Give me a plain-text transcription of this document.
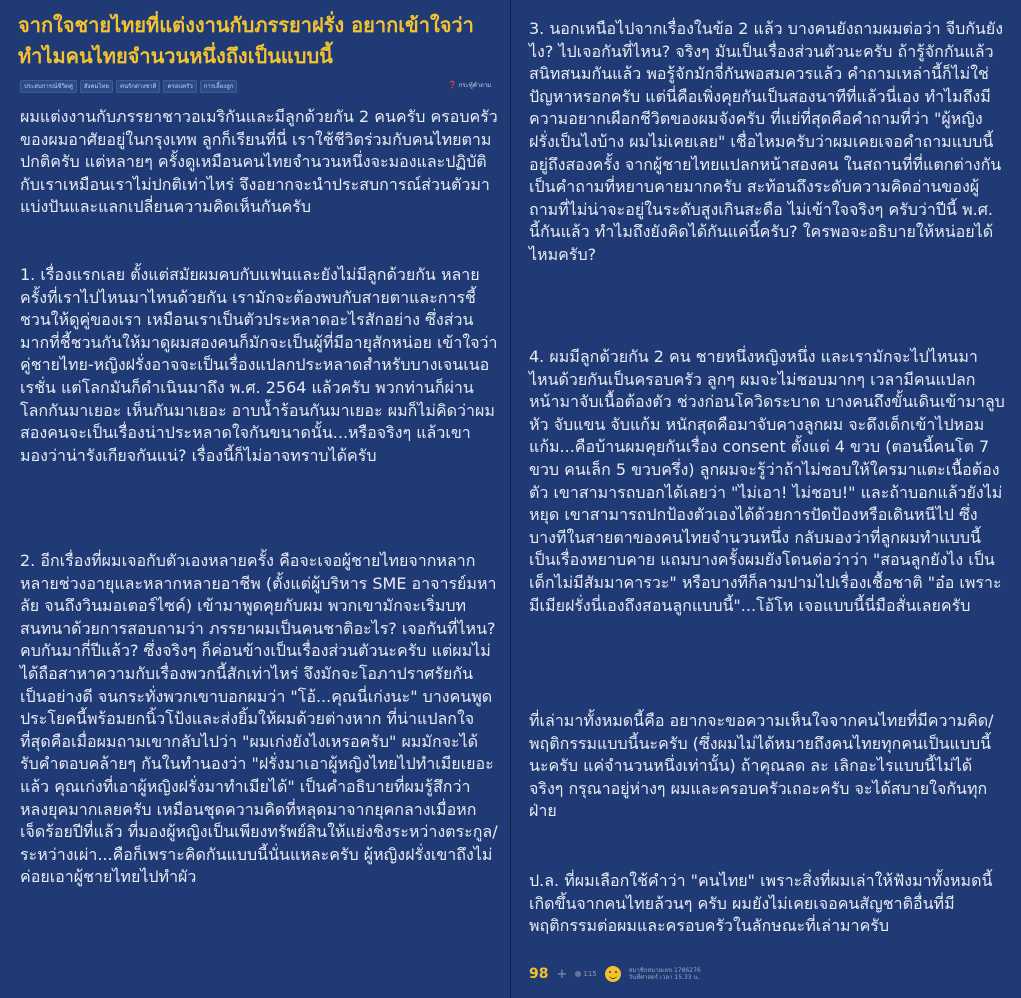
จากใจชายไทยที่แต่งงานกับภรรยาฝรั่ง อยากเข้าใจว่าทำไมคนไทยจำนวนหนึ่งถึงเป็นแบบนี้
ประสบการณ์ชีวิตคู่	สังคมไทย	คนรักต่างชาติ	ครอบครัว	การเลี้ยงลูก	❓ กระทู้คำถาม

ผมแต่งงานกับภรรยาชาวอเมริกันและมีลูกด้วยกัน 2 คนครับ ครอบครัวของผมอาศัยอยู่ในกรุงเทพ ลูกก็เรียนที่นี่ เราใช้ชีวิตร่วมกับคนไทยตามปกติครับ แต่หลายๆ ครั้งดูเหมือนคนไทยจำนวนหนึ่งจะมองและปฏิบัติกับเราเหมือนเราไม่ปกติเท่าไหร่ จึงอยากจะนำประสบการณ์ส่วนตัวมาแบ่งปันและแลกเปลี่ยนความคิดเห็นกันครับ

1. เรื่องแรกเลย ตั้งแต่สมัยผมคบกับแฟนและยังไม่มีลูกด้วยกัน หลายครั้งที่เราไปไหนมาไหนด้วยกัน เรามักจะต้องพบกับสายตาและการชี้ชวนให้ดูคู่ของเรา เหมือนเราเป็นตัวประหลาดอะไรสักอย่าง ซึ่งส่วนมากที่ชี้ชวนกันให้มาดูผมสองคนก็มักจะเป็นผู้ที่มีอายุสักหน่อย เข้าใจว่าคู่ชายไทย-หญิงฝรั่งอาจจะเป็นเรื่องแปลกประหลาดสำหรับบางเจนเนอเรชั่น แต่โลกมันก็ดำเนินมาถึง พ.ศ. 2564 แล้วครับ พวกท่านก็ผ่านโลกกันมาเยอะ เห็นกันมาเยอะ อาบน้ำร้อนกันมาเยอะ ผมก็ไม่คิดว่าผมสองคนจะเป็นเรื่องน่าประหลาดใจกันขนาดนั้น...หรือจริงๆ แล้วเขามองว่าน่ารังเกียจกันแน่? เรื่องนี้ก็ไม่อาจทราบได้ครับ

2. อีกเรื่องที่ผมเจอกับตัวเองหลายครั้ง คือจะเจอผู้ชายไทยจากหลากหลายช่วงอายุและหลากหลายอาชีพ (ตั้งแต่ผู้บริหาร SME อาจารย์มหาลัย จนถึงวินมอเตอร์ไซค์) เข้ามาพูดคุยกับผม พวกเขามักจะเริ่มบทสนทนาด้วยการสอบถามว่า ภรรยาผมเป็นคนชาติอะไร? เจอกันที่ไหน? คบกันมากี่ปีแล้ว? ซึ่งจริงๆ ก็ค่อนข้างเป็นเรื่องส่วนตัวนะครับ แต่ผมไม่ได้ถือสาหาความกับเรื่องพวกนี้สักเท่าไหร่ จึงมักจะโอภาปราศรัยกันเป็นอย่างดี จนกระทั่งพวกเขาบอกผมว่า "โอ้...คุณนี่เก่งนะ" บางคนพูดประโยคนี้พร้อมยกนิ้วโป้งและส่งยิ้มให้ผมด้วยต่างหาก ที่น่าแปลกใจที่สุดคือเมื่อผมถามเขากลับไปว่า "ผมเก่งยังไงเหรอครับ" ผมมักจะได้รับคำตอบคล้ายๆ กันในทำนองว่า "ฝรั่งมาเอาผู้หญิงไทยไปทำเมียเยอะแล้ว คุณเก่งที่เอาผู้หญิงฝรั่งมาทำเมียได้" เป็นคำอธิบายที่ผมรู้สึกว่าหลงยุคมากเลยครับ เหมือนชุดความคิดที่หลุดมาจากยุคกลางเมื่อหกเจ็ดร้อยปีที่แล้ว ที่มองผู้หญิงเป็นเพียงทรัพย์สินให้แย่งชิงระหว่างตระกูล/ระหว่างเผ่า...คือก็เพราะคิดกันแบบนี้นั่นแหละครับ ผู้หญิงฝรั่งเขาถึงไม่ค่อยเอาผู้ชายไทยไปทำผัว

3. นอกเหนือไปจากเรื่องในข้อ 2 แล้ว บางคนยังถามผมต่อว่า จีบกันยังไง? ไปเจอกันที่ไหน? จริงๆ มันเป็นเรื่องส่วนตัวนะครับ ถ้ารู้จักกันแล้ว สนิทสนมกันแล้ว พอรู้จักมักจี่กันพอสมควรแล้ว คำถามเหล่านี้ก็ไม่ใช่ปัญหาหรอกครับ แต่นี่คือเพิ่งคุยกันเป็นสองนาทีที่แล้วนี่เอง ทำไมถึงมีความอยากเผือกชีวิตของผมจังครับ ที่แย่ที่สุดคือคำถามที่ว่า "ผู้หญิงฝรั่งเป็นไงบ้าง ผมไม่เคยเลย" เชื่อไหมครับว่าผมเคยเจอคำถามแบบนี้อยู่ถึงสองครั้ง จากผู้ชายไทยแปลกหน้าสองคน ในสถานที่ที่แตกต่างกัน เป็นคำถามที่หยาบคายมากครับ สะท้อนถึงระดับความคิดอ่านของผู้ถามที่ไม่น่าจะอยู่ในระดับสูงเกินสะดือ ไม่เข้าใจจริงๆ ครับว่าปีนี้ พ.ศ. นี้กันแล้ว ทำไมถึงยังคิดได้กันแค่นี้ครับ? ใครพอจะอธิบายให้หน่อยได้ไหมครับ?

4. ผมมีลูกด้วยกัน 2 คน ชายหนึ่งหญิงหนึ่ง และเรามักจะไปไหนมาไหนด้วยกันเป็นครอบครัว ลูกๆ ผมจะไม่ชอบมากๆ เวลามีคนแปลกหน้ามาจับเนื้อต้องตัว ช่วงก่อนโควิดระบาด บางคนถึงขั้นเดินเข้ามาลูบหัว จับแขน จับแก้ม หนักสุดคือมาจับคางลูกผม จะดึงเด็กเข้าไปหอมแก้ม...คือบ้านผมคุยกันเรื่อง consent ตั้งแต่ 4 ขวบ (ตอนนี้คนโต 7 ขวบ คนเล็ก 5 ขวบครึ่ง) ลูกผมจะรู้ว่าถ้าไม่ชอบให้ใครมาแตะเนื้อต้องตัว เขาสามารถบอกได้เลยว่า "ไม่เอา! ไม่ชอบ!" และถ้าบอกแล้วยังไม่หยุด เขาสามารถปกป้องตัวเองได้ด้วยการปัดป้องหรือเดินหนีไป ซึ่งบางทีในสายตาของคนไทยจำนวนหนึ่ง กลับมองว่าที่ลูกผมทำแบบนี้เป็นเรื่องหยาบคาย แถมบางครั้งผมยังโดนต่อว่าว่า "สอนลูกยังไง เป็นเด็กไม่มีสัมมาคารวะ" หรือบางทีก็ลามปามไปเรื่องเชื้อชาติ "อ๋อ เพราะมีเมียฝรั่งนี่เองถึงสอนลูกแบบนี้"...โอ้โห เจอแบบนี้นี่มือสั่นเลยครับ

ที่เล่ามาทั้งหมดนี้คือ อยากจะขอความเห็นใจจากคนไทยที่มีความคิด/พฤติกรรมแบบนี้นะครับ (ซึ่งผมไม่ได้หมายถึงคนไทยทุกคนเป็นแบบนี้นะครับ แค่จำนวนหนึ่งเท่านั้น) ถ้าคุณลด ละ เลิกอะไรแบบนี้ไม่ได้จริงๆ กรุณาอยู่ห่างๆ ผมและครอบครัวเถอะครับ จะได้สบายใจกันทุกฝ่าย

ป.ล. ที่ผมเลือกใช้คำว่า "คนไทย" เพราะสิ่งที่ผมเล่าให้ฟังมาทั้งหมดนี้ เกิดขึ้นจากคนไทยล้วนๆ ครับ ผมยังไม่เคยเจอคนสัญชาติอื่นที่มีพฤติกรรมต่อผมและครอบครัวในลักษณะที่เล่ามาครับ

98 + 115	สมาชิกหมายเลข 1786276
วันที่ศาสตร์ เวลา 15.33 น.
